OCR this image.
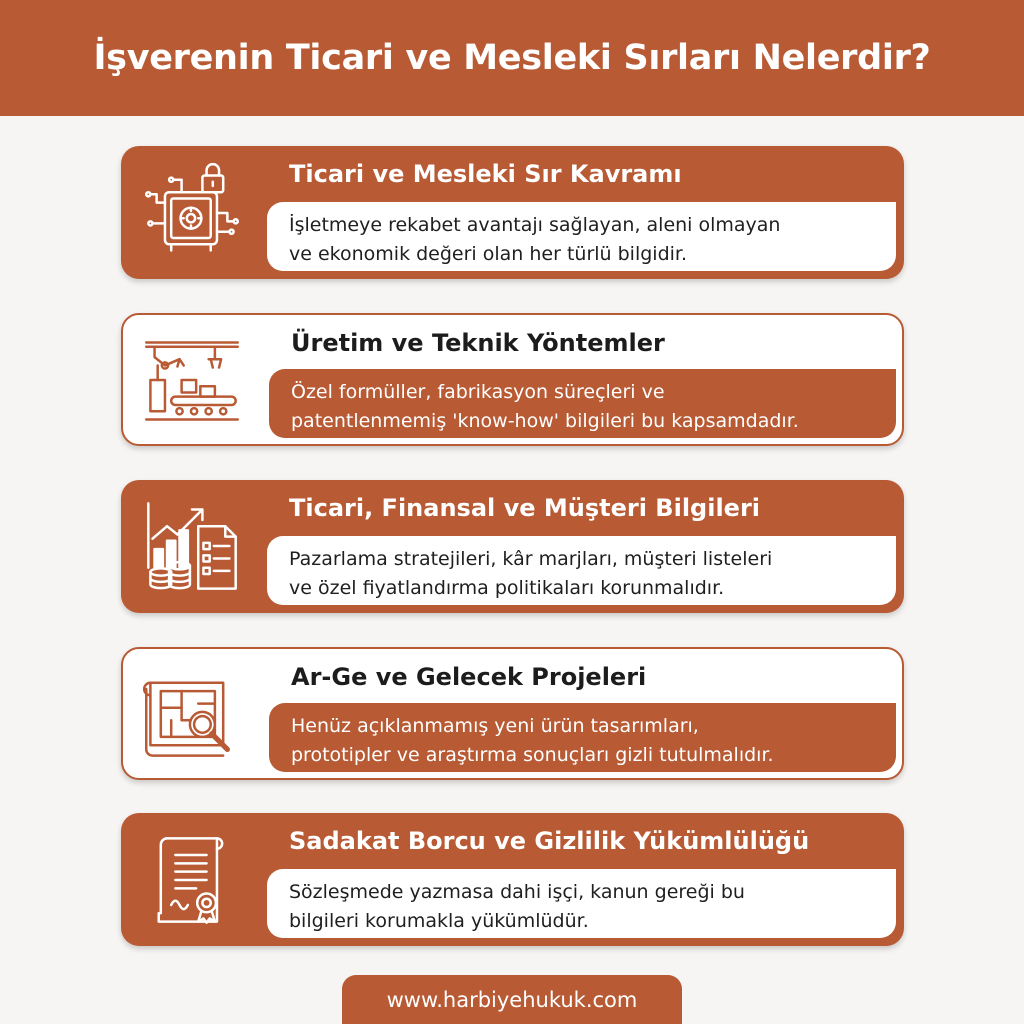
İşverenin Ticari ve Mesleki Sırları Nelerdir?
Ticari ve Mesleki Sır Kavramı
İşletmeye rekabet avantajı sağlayan, aleni olmayan
ve ekonomik değeri olan her türlü bilgidir.
Üretim ve Teknik Yöntemler
Özel formüller, fabrikasyon süreçleri ve
patentlenmemiş 'know-how' bilgileri bu kapsamdadır.
Ticari, Finansal ve Müşteri Bilgileri
Pazarlama stratejileri, kâr marjları, müşteri listeleri
ve özel fiyatlandırma politikaları korunmalıdır.
Ar-Ge ve Gelecek Projeleri
Henüz açıklanmamış yeni ürün tasarımları,
prototipler ve araştırma sonuçları gizli tutulmalıdır.
Sadakat Borcu ve Gizlilik Yükümlülüğü
Sözleşmede yazmasa dahi işçi, kanun gereği bu
bilgileri korumakla yükümlüdür.
www.harbiyehukuk.com
